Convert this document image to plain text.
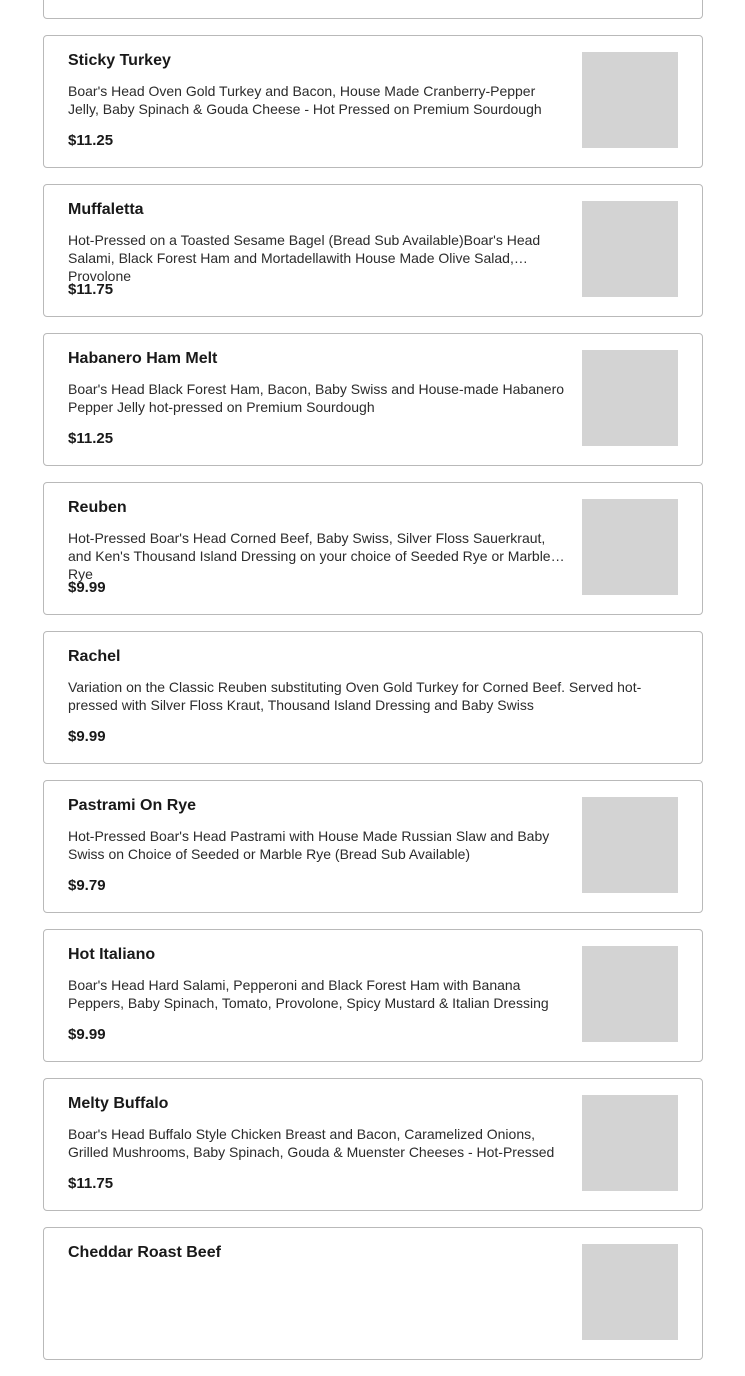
Sticky Turkey
Boar's Head Oven Gold Turkey and Bacon, House Made Cranberry-Pepper Jelly, Baby Spinach & Gouda Cheese - Hot Pressed on Premium Sourdough
$11.25
Muffaletta
Hot-Pressed on a Toasted Sesame Bagel (Bread Sub Available)Boar's Head Salami, Black Forest Ham and Mortadellawith House Made Olive Salad, Provolone
$11.75
Habanero Ham Melt
Boar's Head Black Forest Ham, Bacon, Baby Swiss and House-made Habanero Pepper Jelly hot-pressed on Premium Sourdough
$11.25
Reuben
Hot-Pressed Boar's Head Corned Beef, Baby Swiss, Silver Floss Sauerkraut, and Ken's Thousand Island Dressing on your choice of Seeded Rye or Marble Rye
$9.99
Rachel
Variation on the Classic Reuben substituting Oven Gold Turkey for Corned Beef. Served hot-pressed with Silver Floss Kraut, Thousand Island Dressing and Baby Swiss
$9.99
Pastrami On Rye
Hot-Pressed Boar's Head Pastrami with House Made Russian Slaw and Baby Swiss on Choice of Seeded or Marble Rye (Bread Sub Available)
$9.79
Hot Italiano
Boar's Head Hard Salami, Pepperoni and Black Forest Ham with Banana Peppers, Baby Spinach, Tomato, Provolone, Spicy Mustard & Italian Dressing
$9.99
Melty Buffalo
Boar's Head Buffalo Style Chicken Breast and Bacon, Caramelized Onions, Grilled Mushrooms, Baby Spinach, Gouda & Muenster Cheeses - Hot-Pressed
$11.75
Cheddar Roast Beef
